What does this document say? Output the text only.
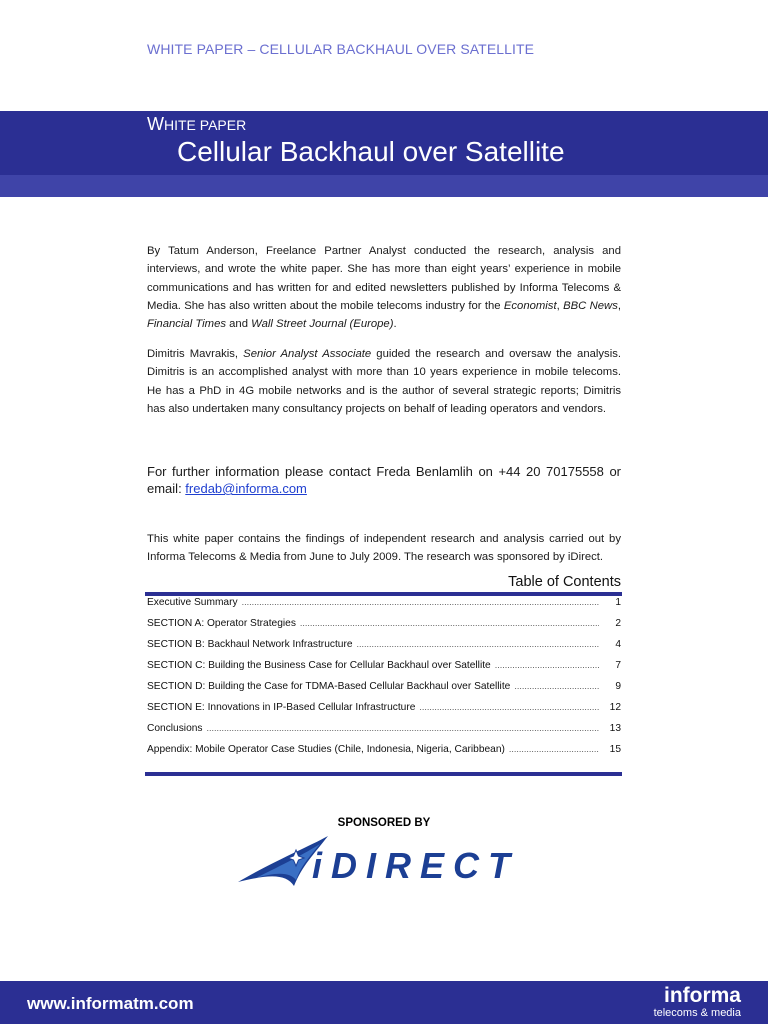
WHITE PAPER – CELLULAR BACKHAUL OVER SATELLITE
WHITE PAPER
Cellular Backhaul over Satellite

By Tatum Anderson, Freelance Partner Analyst conducted the research, analysis and interviews, and wrote the white paper. She has more than eight years’ experience in mobile communications and has written for and edited newsletters published by Informa Telecoms & Media. She has also written about the mobile telecoms industry for the Economist, BBC News, Financial Times and Wall Street Journal (Europe).

Dimitris Mavrakis, Senior Analyst Associate guided the research and oversaw the analysis. Dimitris is an accomplished analyst with more than 10 years experience in mobile telecoms. He has a PhD in 4G mobile networks and is the author of several strategic reports; Dimitris has also undertaken many consultancy projects on behalf of leading operators and vendors.

For further information please contact Freda Benlamlih on +44 20 70175558 or email: fredab@informa.com

This white paper contains the findings of independent research and analysis carried out by Informa Telecoms & Media from June to July 2009. The research was sponsored by iDirect.

Table of Contents
Executive Summary .....	1
SECTION A: Operator Strategies .....	2
SECTION B: Backhaul Network Infrastructure .....	4
SECTION C: Building the Business Case for Cellular Backhaul over Satellite .....	7
SECTION D: Building the Case for TDMA-Based Cellular Backhaul over Satellite .....	9
SECTION E: Innovations in IP-Based Cellular Infrastructure .....	12
Conclusions .....	13
Appendix: Mobile Operator Case Studies (Chile, Indonesia, Nigeria, Caribbean) .....	15
SPONSORED BY
iDIRECT
www.informatm.com	informa
telecoms & media
